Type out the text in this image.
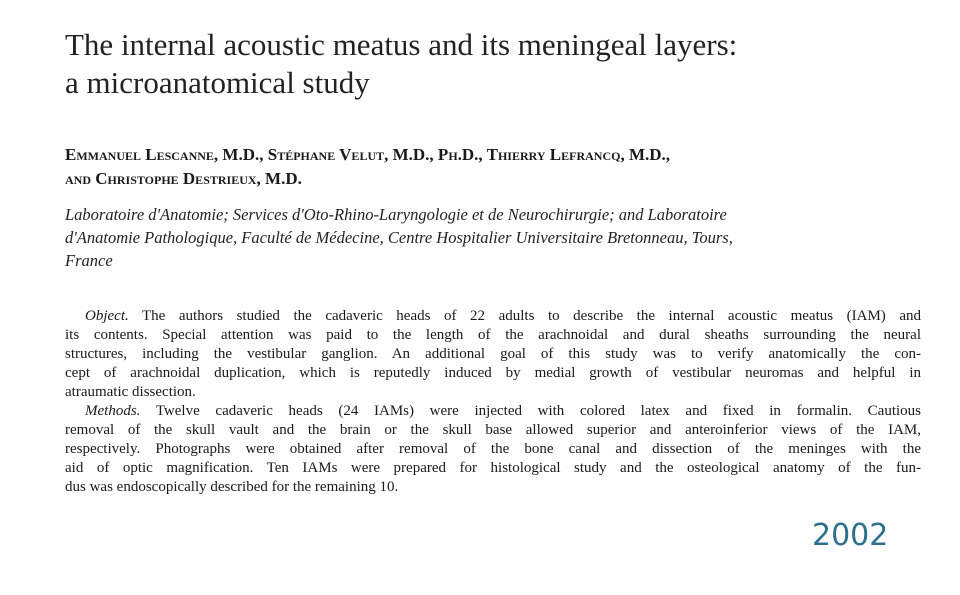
The internal acoustic meatus and its meningeal layers:
a microanatomical study
Emmanuel Lescanne, M.D., Stéphane Velut, M.D., Ph.D., Thierry Lefrancq, M.D.,
and Christophe Destrieux, M.D.
Laboratoire d'Anatomie; Services d'Oto-Rhino-Laryngologie et de Neurochirurgie; and Laboratoire
d'Anatomie Pathologique, Faculté de Médecine, Centre Hospitalier Universitaire Bretonneau, Tours,
France
Object. The authors studied the cadaveric heads of 22 adults to describe the internal acoustic meatus (IAM) and
its contents. Special attention was paid to the length of the arachnoidal and dural sheaths surrounding the neural
structures, including the vestibular ganglion. An additional goal of this study was to verify anatomically the con-
cept of arachnoidal duplication, which is reputedly induced by medial growth of vestibular neuromas and helpful in
atraumatic dissection.
Methods. Twelve cadaveric heads (24 IAMs) were injected with colored latex and fixed in formalin. Cautious
removal of the skull vault and the brain or the skull base allowed superior and anteroinferior views of the IAM,
respectively. Photographs were obtained after removal of the bone canal and dissection of the meninges with the
aid of optic magnification. Ten IAMs were prepared for histological study and the osteological anatomy of the fun-
dus was endoscopically described for the remaining 10.
2002
